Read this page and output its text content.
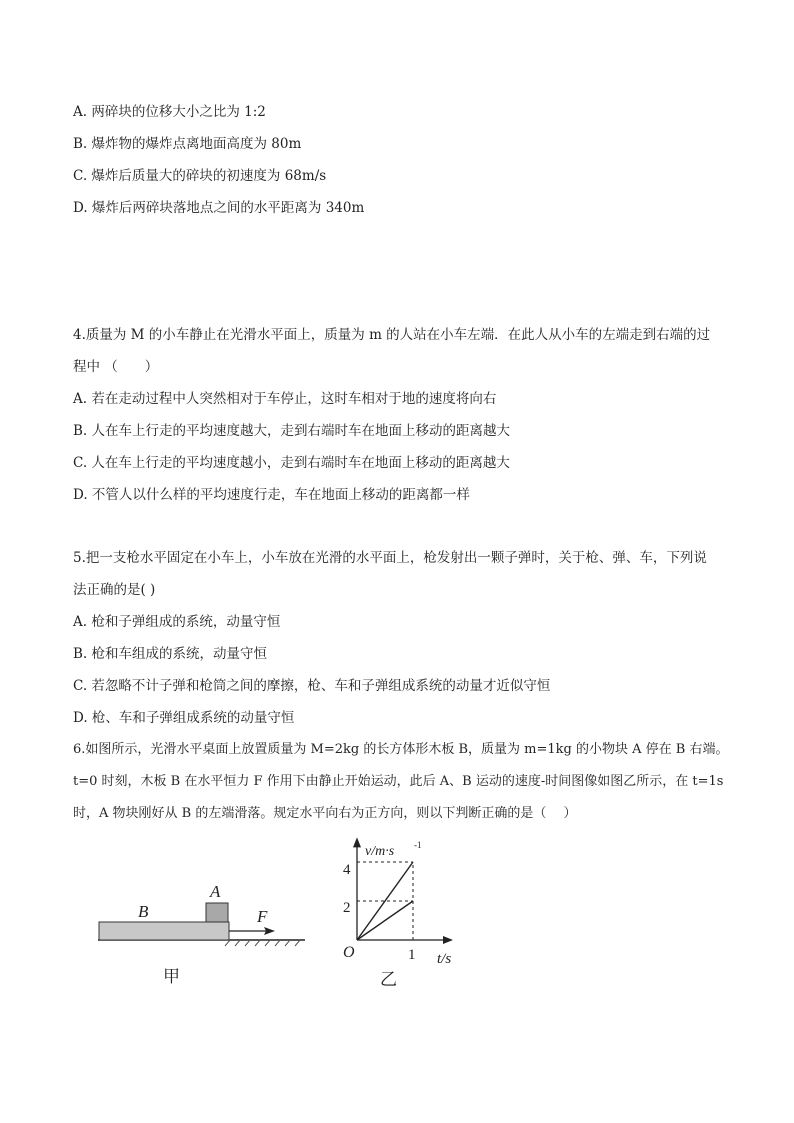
A. 两碎块的位移大小之比为 1:2
B. 爆炸物的爆炸点离地面高度为 80m
C. 爆炸后质量大的碎块的初速度为 68m/s
D. 爆炸后两碎块落地点之间的水平距离为 340m
4.质量为 M 的小车静止在光滑水平面上，质量为 m 的人站在小车左端．在此人从小车的左端走到右端的过
程中 （　　）
A. 若在走动过程中人突然相对于车停止，这时车相对于地的速度将向右
B. 人在车上行走的平均速度越大，走到右端时车在地面上移动的距离越大
C. 人在车上行走的平均速度越小，走到右端时车在地面上移动的距离越大
D. 不管人以什么样的平均速度行走，车在地面上移动的距离都一样
5.把一支枪水平固定在小车上，小车放在光滑的水平面上，枪发射出一颗子弹时，关于枪、弹、车，下列说
法正确的是( )
A. 枪和子弹组成的系统，动量守恒
B. 枪和车组成的系统，动量守恒
C. 若忽略不计子弹和枪筒之间的摩擦，枪、车和子弹组成系统的动量才近似守恒
D. 枪、车和子弹组成系统的动量守恒
6.如图所示，光滑水平桌面上放置质量为 M=2kg 的长方体形木板 B，质量为 m=1kg 的小物块 A 停在 B 右端。
t=0 时刻，木板 B 在水平恒力 F 作用下由静止开始运动，此后 A、B 运动的速度-时间图像如图乙所示，在 t=1s
时，A 物块刚好从 B 的左端滑落。规定水平向右为正方向，则以下判断正确的是（　 ）
B
A
F
甲
v/m·s -1
t/s
O
4
2
1
乙
